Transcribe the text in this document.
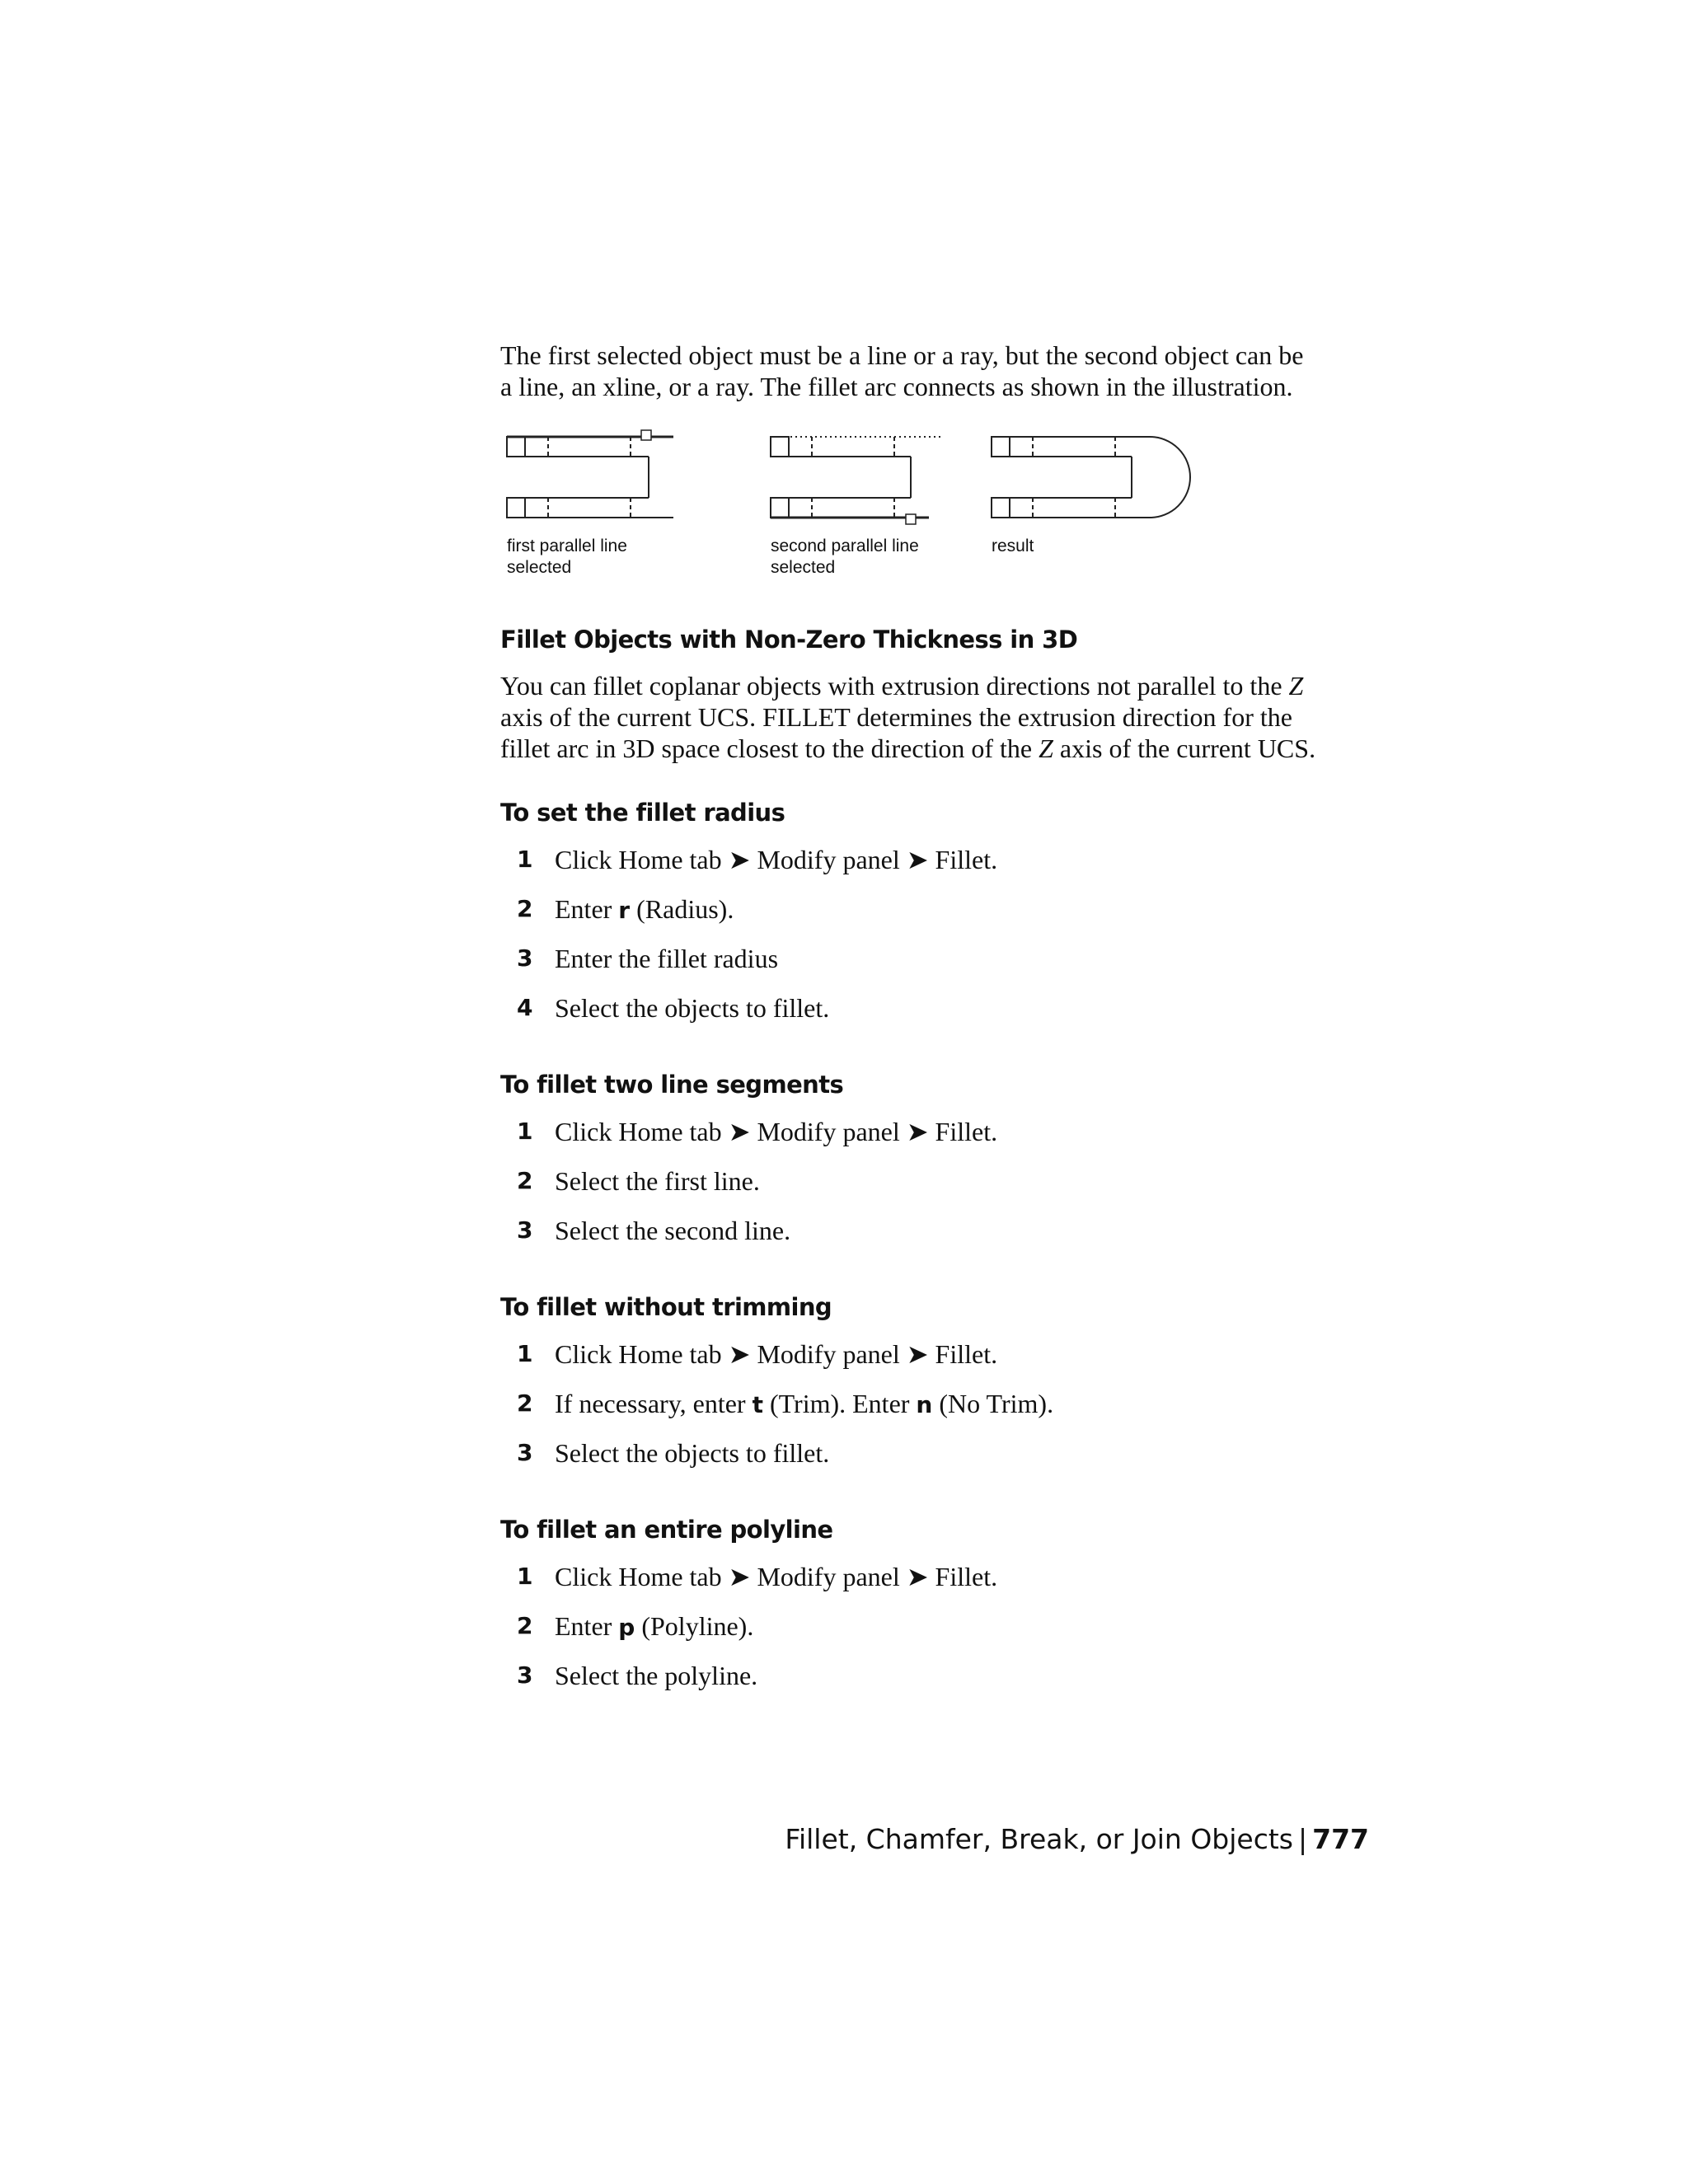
The first selected object must be a line or a ray, but the second object can be
a line, an xline, or a ray. The fillet arc connects as shown in the illustration.

first parallel line
selected
second parallel line
selected
result
Fillet Objects with Non-Zero Thickness in 3D

You can fillet coplanar objects with extrusion directions not parallel to the Z
axis of the current UCS. FILLET determines the extrusion direction for the
fillet arc in 3D space closest to the direction of the Z axis of the current UCS.

To set the fillet radius
1 Click Home tab ➤ Modify panel ➤ Fillet.
2 Enter r (Radius).
3 Enter the fillet radius
4 Select the objects to fillet.
To fillet two line segments
1 Click Home tab ➤ Modify panel ➤ Fillet.
2 Select the first line.
3 Select the second line.
To fillet without trimming
1 Click Home tab ➤ Modify panel ➤ Fillet.
2 If necessary, enter t (Trim). Enter n (No Trim).
3 Select the objects to fillet.
To fillet an entire polyline
1 Click Home tab ➤ Modify panel ➤ Fillet.
2 Enter p (Polyline).
3 Select the polyline.
Fillet, Chamfer, Break, or Join Objects | 777
